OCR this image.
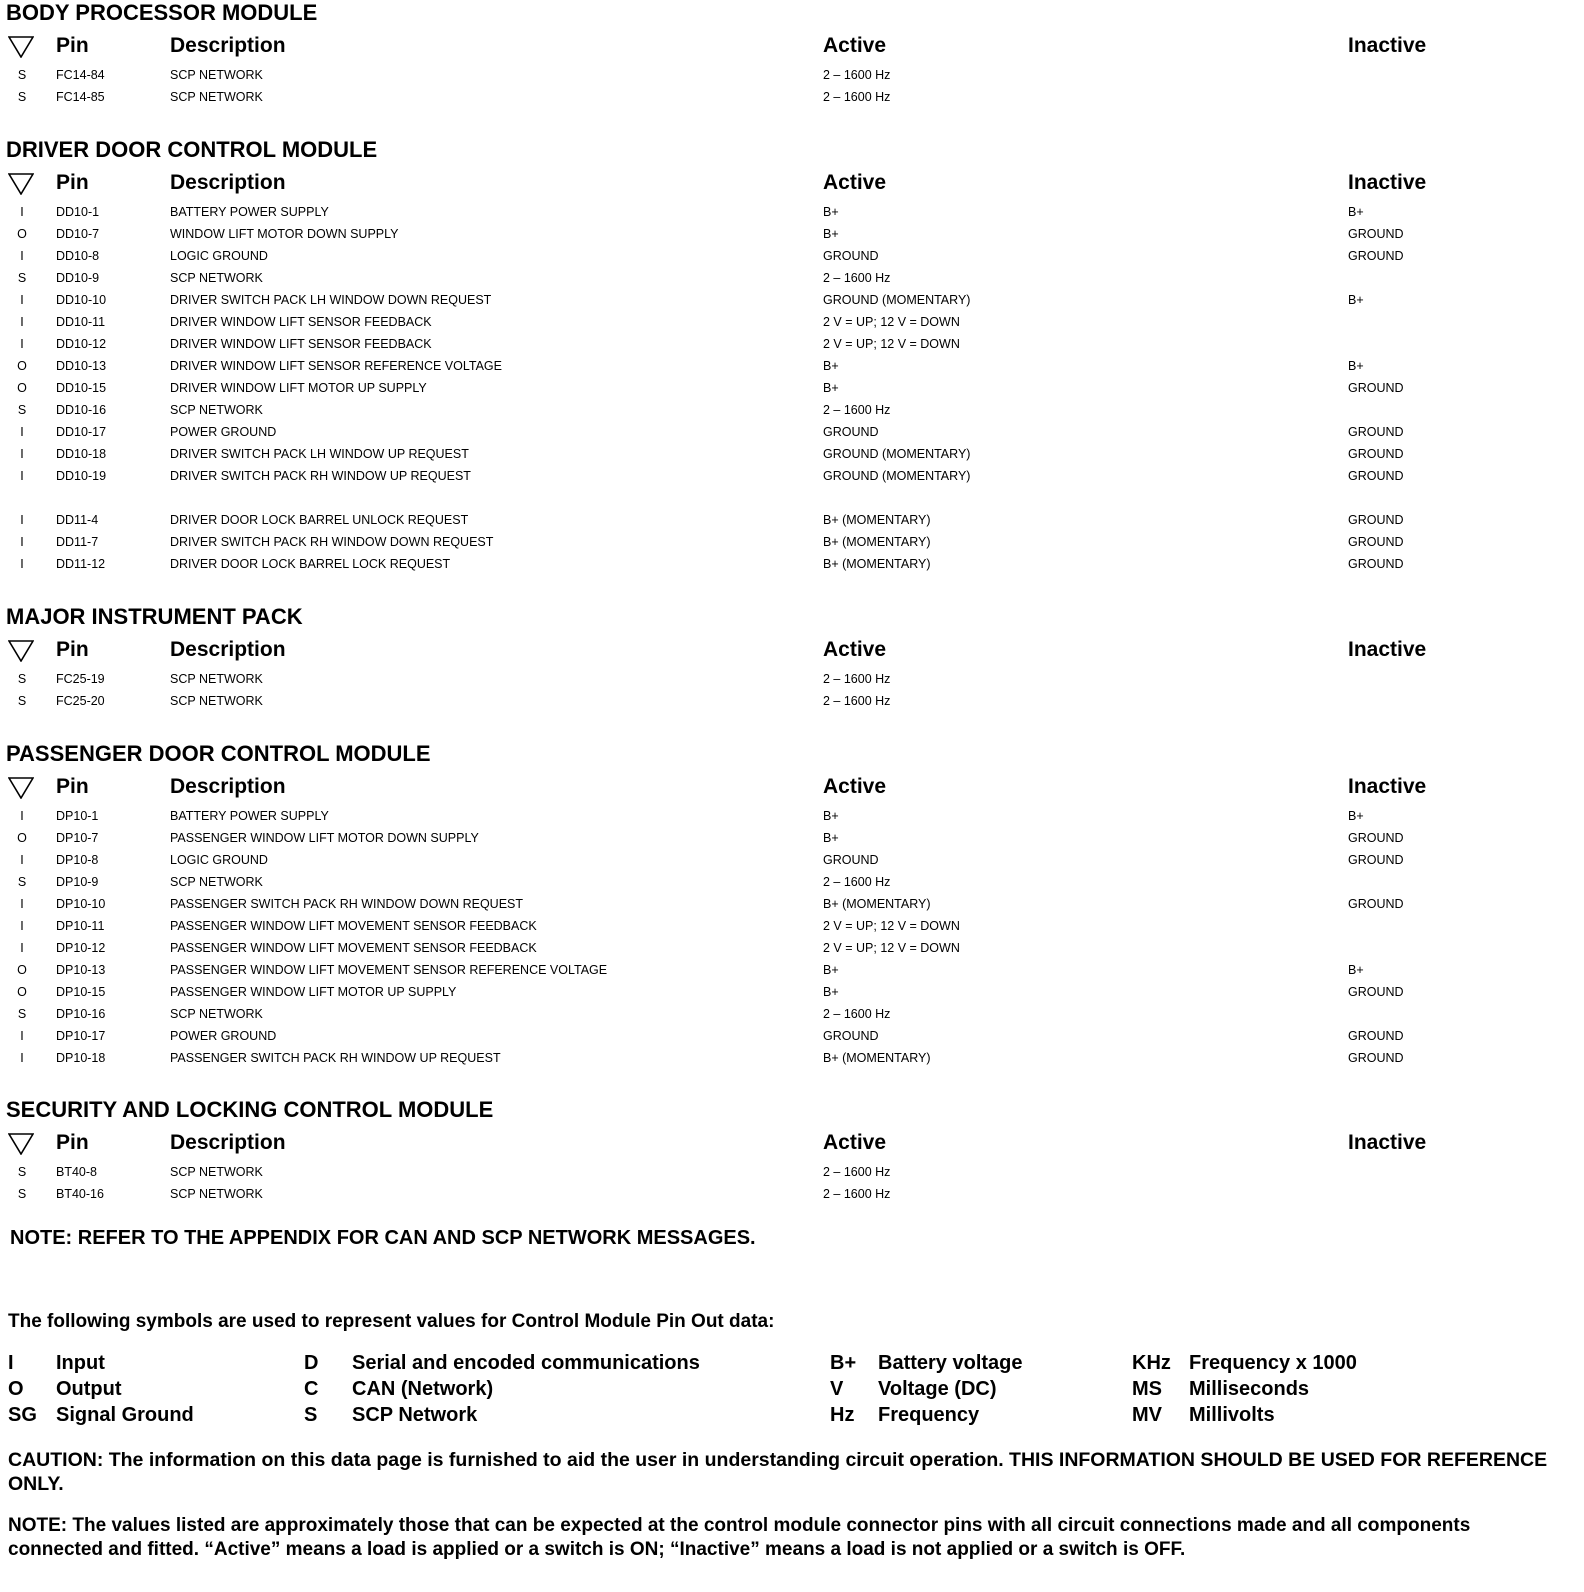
BODY PROCESSOR MODULE
Pin	Description	Active	Inactive
S	FC14-84	SCP NETWORK	2 – 1600 Hz
S	FC14-85	SCP NETWORK	2 – 1600 Hz
DRIVER DOOR CONTROL MODULE
Pin	Description	Active	Inactive
I	DD10-1	BATTERY POWER SUPPLY	B+	B+
O DD10-7	WINDOW LIFT MOTOR DOWN SUPPLY	B+	GROUND
I	DD10-8	LOGIC GROUND	GROUND	GROUND
S	DD10-9	SCP NETWORK	2 – 1600 Hz
I	DD10-10	DRIVER SWITCH PACK LH WINDOW DOWN REQUEST	GROUND (MOMENTARY)	B+
I	DD10-11	DRIVER WINDOW LIFT SENSOR FEEDBACK	2 V = UP; 12 V = DOWN
I	DD10-12	DRIVER WINDOW LIFT SENSOR FEEDBACK	2 V = UP; 12 V = DOWN
O DD10-13	DRIVER WINDOW LIFT SENSOR REFERENCE VOLTAGE	B+	B+
O DD10-15	DRIVER WINDOW LIFT MOTOR UP SUPPLY	B+	GROUND
S	DD10-16	SCP NETWORK	2 – 1600 Hz
I	DD10-17	POWER GROUND	GROUND	GROUND
I	DD10-18	DRIVER SWITCH PACK LH WINDOW UP REQUEST	GROUND (MOMENTARY)	GROUND
I	DD10-19	DRIVER SWITCH PACK RH WINDOW UP REQUEST	GROUND (MOMENTARY)	GROUND
I	DD11-4	DRIVER DOOR LOCK BARREL UNLOCK REQUEST	B+ (MOMENTARY)	GROUND
I	DD11-7	DRIVER SWITCH PACK RH WINDOW DOWN REQUEST	B+ (MOMENTARY)	GROUND
I	DD11-12	DRIVER DOOR LOCK BARREL LOCK REQUEST	B+ (MOMENTARY)	GROUND
MAJOR INSTRUMENT PACK
Pin	Description	Active	Inactive
S	FC25-19	SCP NETWORK	2 – 1600 Hz
S	FC25-20	SCP NETWORK	2 – 1600 Hz
PASSENGER DOOR CONTROL MODULE
Pin	Description	Active	Inactive
I	DP10-1	BATTERY POWER SUPPLY	B+	B+
O DP10-7	PASSENGER WINDOW LIFT MOTOR DOWN SUPPLY	B+	GROUND
I	DP10-8	LOGIC GROUND	GROUND	GROUND
S	DP10-9	SCP NETWORK	2 – 1600 Hz
I	DP10-10	PASSENGER SWITCH PACK RH WINDOW DOWN REQUEST	B+ (MOMENTARY)	GROUND
I	DP10-11	PASSENGER WINDOW LIFT MOVEMENT SENSOR FEEDBACK	2 V = UP; 12 V = DOWN
I	DP10-12	PASSENGER WINDOW LIFT MOVEMENT SENSOR FEEDBACK	2 V = UP; 12 V = DOWN
O DP10-13	PASSENGER WINDOW LIFT MOVEMENT SENSOR REFERENCE VOLTAGE	B+	B+
O DP10-15	PASSENGER WINDOW LIFT MOTOR UP SUPPLY	B+	GROUND
S	DP10-16	SCP NETWORK	2 – 1600 Hz
I	DP10-17	POWER GROUND	GROUND	GROUND
I	DP10-18	PASSENGER SWITCH PACK RH WINDOW UP REQUEST	B+ (MOMENTARY)	GROUND
SECURITY AND LOCKING CONTROL MODULE
Pin	Description	Active	Inactive
S	BT40-8	SCP NETWORK	2 – 1600 Hz
S	BT40-16	SCP NETWORK	2 – 1600 Hz
NOTE: REFER TO THE APPENDIX FOR CAN AND SCP NETWORK MESSAGES.
The following symbols are used to represent values for Control Module Pin Out data:
I Input
O Output
SG Signal Ground
D Serial and encoded communications
C CAN (Network)
S SCP Network
B+ Battery voltage
V Voltage (DC)
Hz Frequency
KHz Frequency x 1000
MS Milliseconds
MV Millivolts
CAUTION: The information on this data page is furnished to aid the user in understanding circuit operation. THIS INFORMATION SHOULD BE USED FOR REFERENCE ONLY.
NOTE: The values listed are approximately those that can be expected at the control module connector pins with all circuit connections made and all components connected and fitted. “Active” means a load is applied or a switch is ON; “Inactive” means a load is not applied or a switch is OFF.
